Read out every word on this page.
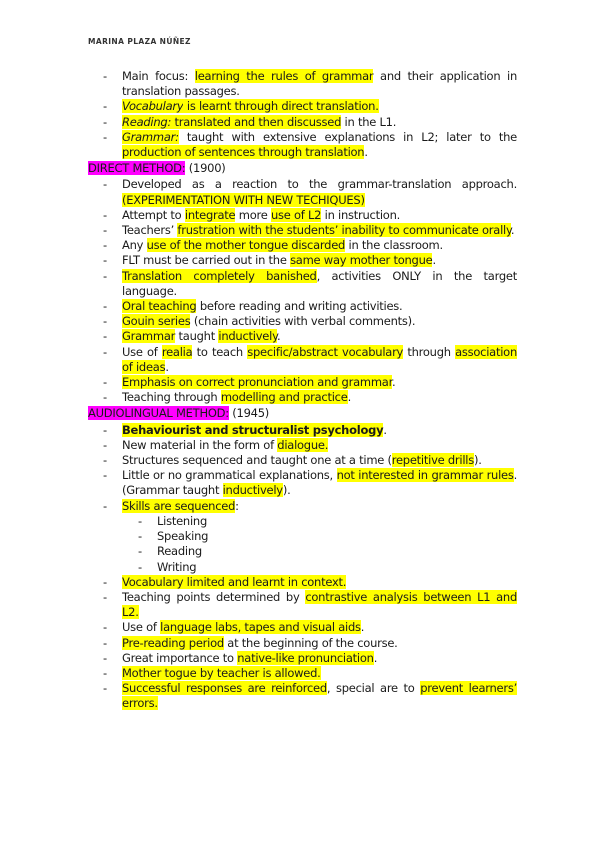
MARINA PLAZA NÚÑEZ
- Main focus: learning the rules of grammar and their application in translation passages.
- Vocabulary is learnt through direct translation.
- Reading: translated and then discussed in the L1.
- Grammar: taught with extensive explanations in L2; later to the production of sentences through translation.
DIRECT METHOD: (1900)
- Developed as a reaction to the grammar-translation approach. (EXPERIMENTATION WITH NEW TECHIQUES)
- Attempt to integrate more use of L2 in instruction.
- Teachers’ frustration with the students’ inability to communicate orally.
- Any use of the mother tongue discarded in the classroom.
- FLT must be carried out in the same way mother tongue.
- Translation completely banished, activities ONLY in the target language.
- Oral teaching before reading and writing activities.
- Gouin series (chain activities with verbal comments).
- Grammar taught inductively.
- Use of realia to teach specific/abstract vocabulary through association of ideas.
- Emphasis on correct pronunciation and grammar.
- Teaching through modelling and practice.
AUDIOLINGUAL METHOD: (1945)
- Behaviourist and structuralist psychology.
- New material in the form of dialogue.
- Structures sequenced and taught one at a time (repetitive drills).
- Little or no grammatical explanations, not interested in grammar rules. (Grammar taught inductively).
- Skills are sequenced:
- Listening
- Speaking
- Reading
- Writing
- Vocabulary limited and learnt in context.
- Teaching points determined by contrastive analysis between L1 and L2.
- Use of language labs, tapes and visual aids.
- Pre-reading period at the beginning of the course.
- Great importance to native-like pronunciation.
- Mother togue by teacher is allowed.
- Successful responses are reinforced, special are to prevent learners’ errors.
